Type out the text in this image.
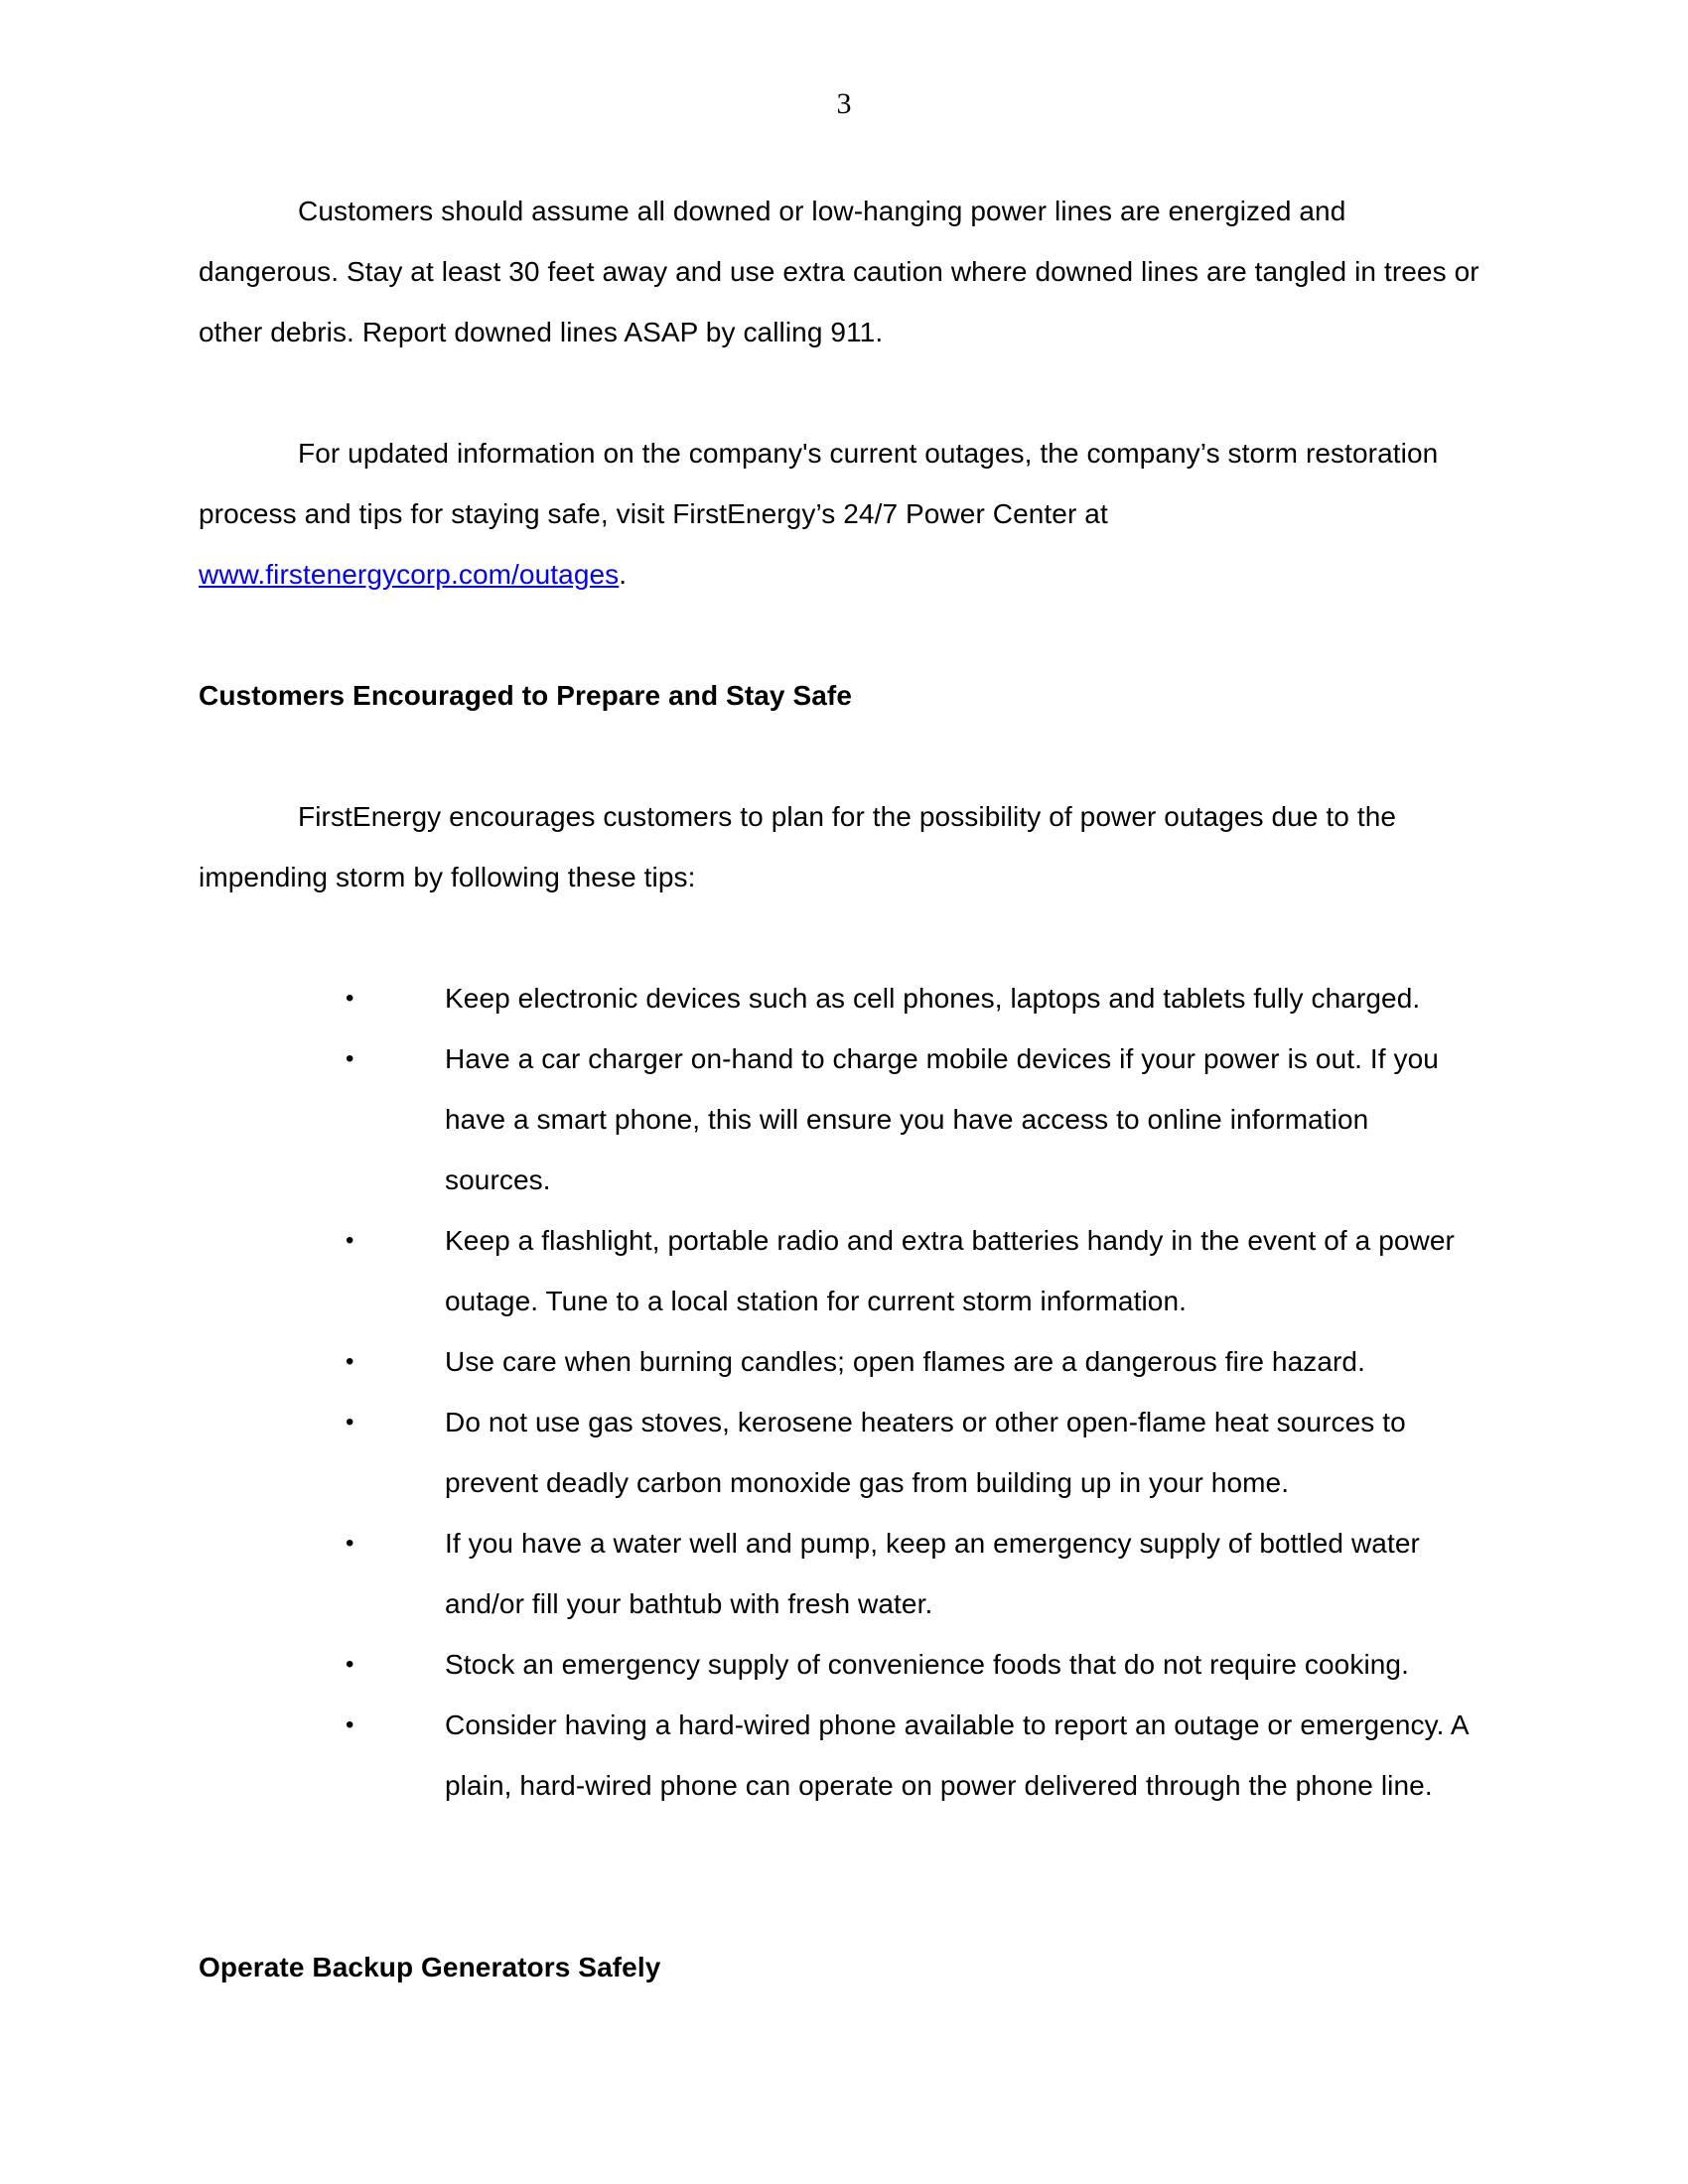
3

Customers should assume all downed or low-hanging power lines are energized and dangerous. Stay at least 30 feet away and use extra caution where downed lines are tangled in trees or other debris. Report downed lines ASAP by calling 911.

For updated information on the company's current outages, the company’s storm restoration process and tips for staying safe, visit FirstEnergy’s 24/7 Power Center at www.firstenergycorp.com/outages.

Customers Encouraged to Prepare and Stay Safe

FirstEnergy encourages customers to plan for the possibility of power outages due to the impending storm by following these tips:

•	Keep electronic devices such as cell phones, laptops and tablets fully charged.
•	Have a car charger on-hand to charge mobile devices if your power is out. If you have a smart phone, this will ensure you have access to online information sources.
•	Keep a flashlight, portable radio and extra batteries handy in the event of a power outage. Tune to a local station for current storm information.
•	Use care when burning candles; open flames are a dangerous fire hazard.
•	Do not use gas stoves, kerosene heaters or other open-flame heat sources to prevent deadly carbon monoxide gas from building up in your home.
•	If you have a water well and pump, keep an emergency supply of bottled water and/or fill your bathtub with fresh water.
•	Stock an emergency supply of convenience foods that do not require cooking.
•	Consider having a hard-wired phone available to report an outage or emergency. A plain, hard-wired phone can operate on power delivered through the phone line.

Operate Backup Generators Safely
